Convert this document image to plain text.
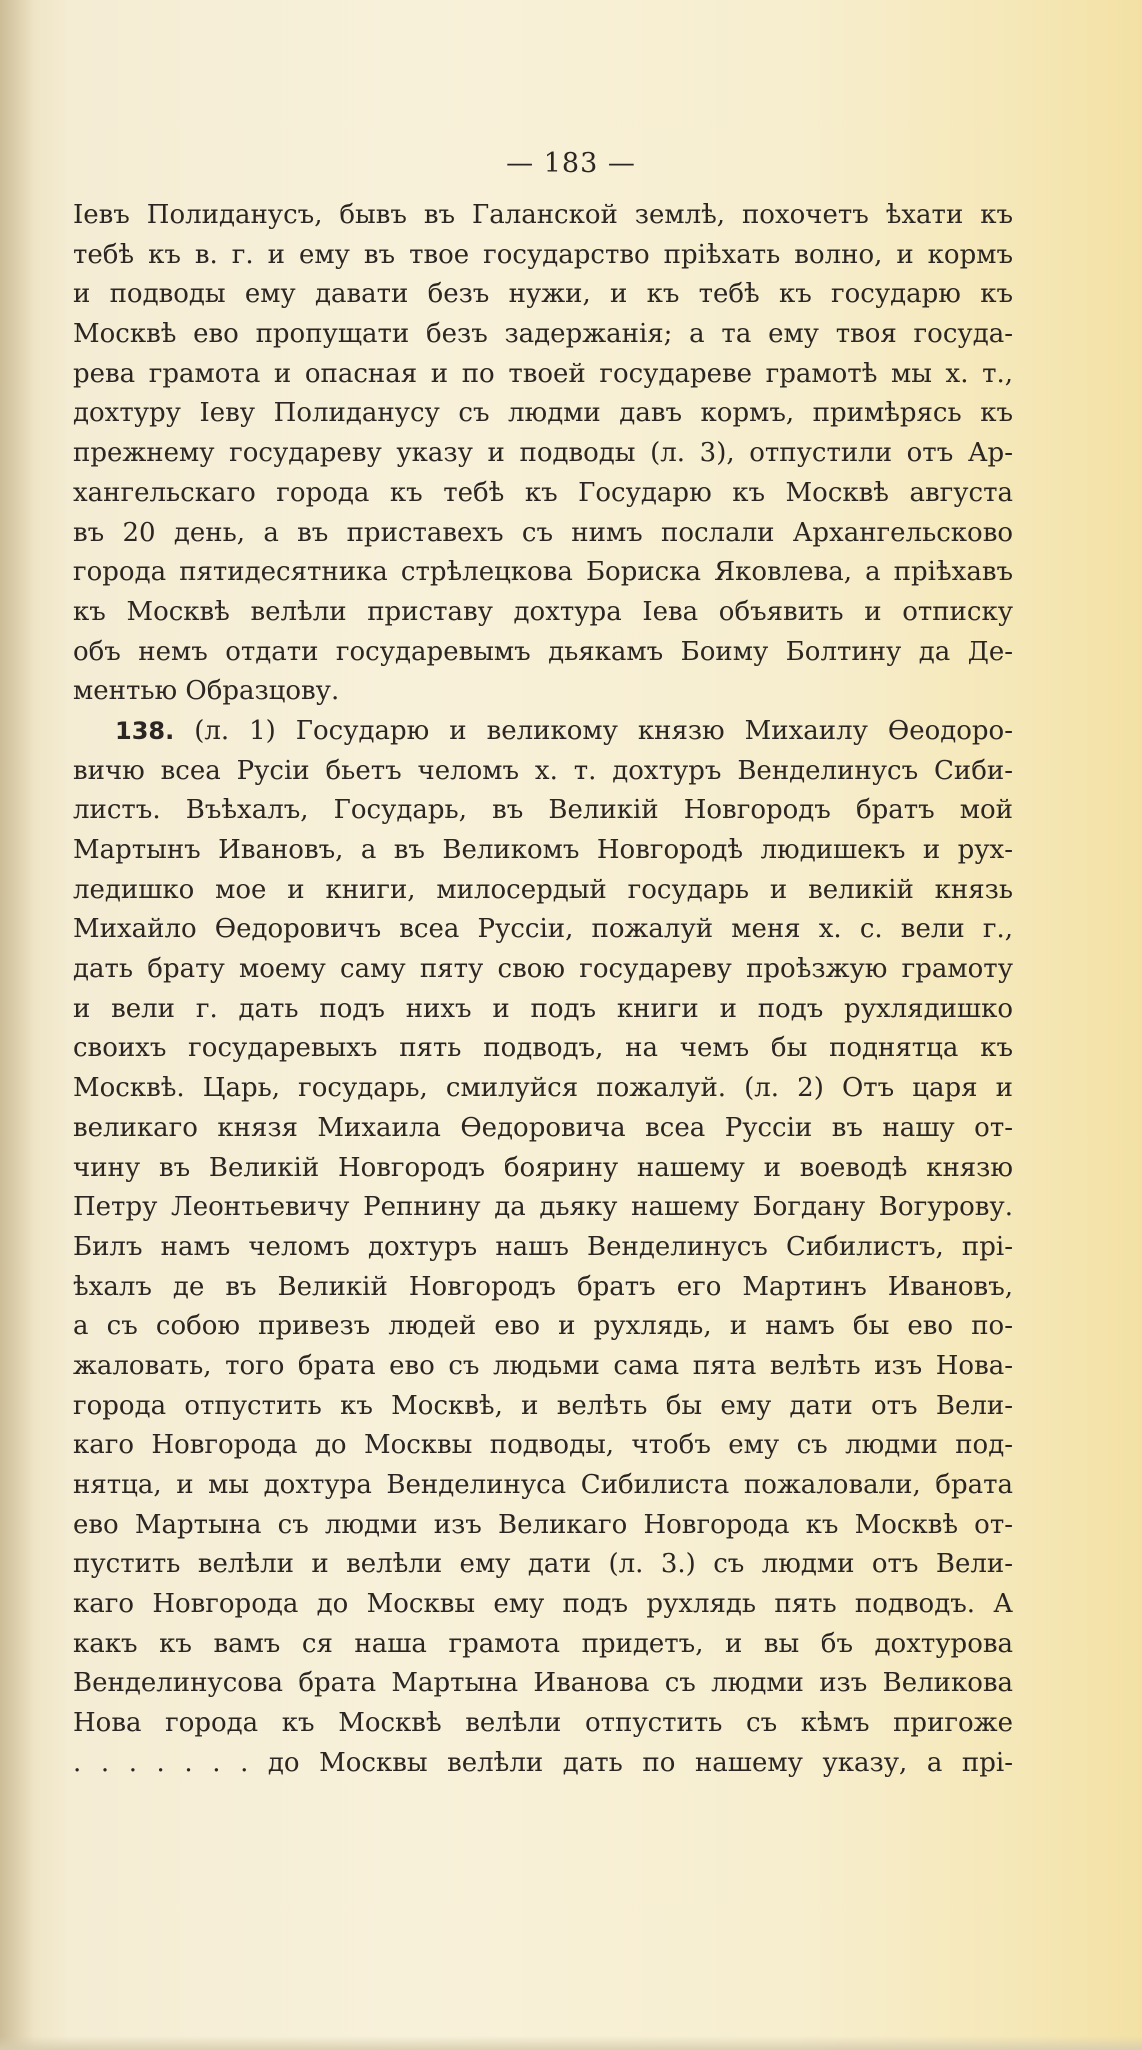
— 183 —
Іевъ Полиданусъ, бывъ въ Галанской землѣ, похочетъ ѣхати къ
тебѣ къ в. г. и ему въ твое государство пріѣхать волно, и кормъ
и подводы ему давати безъ нужи, и къ тебѣ къ государю къ
Москвѣ ево пропущати безъ задержанія; а та ему твоя госуда-
рева грамота и опасная и по твоей государеве грамотѣ мы х. т.,
дохтуру Іеву Полиданусу съ людми давъ кормъ, примѣрясь къ
прежнему государеву указу и подводы (л. 3), отпустили отъ Ар-
хангельскаго города къ тебѣ къ Государю къ Москвѣ августа
въ 20 день, а въ приставехъ съ нимъ послали Архангельсково
города пятидесятника стрѣлецкова Бориска Яковлева, а пріѣхавъ
къ Москвѣ велѣли приставу дохтура Іева объявить и отписку
объ немъ отдати государевымъ дьякамъ Боиму Болтину да Де-
ментью Образцову.
138. (л. 1) Государю и великому князю Михаилу Ѳеодоро-
вичю всеа Русіи бьетъ челомъ х. т. дохтуръ Венделинусъ Сиби-
листъ. Въѣхалъ, Государь, въ Великій Новгородъ братъ мой
Мартынъ Ивановъ, а въ Великомъ Новгородѣ людишекъ и рух-
ледишко мое и книги, милосердый государь и великій князь
Михайло Ѳедоровичъ всеа Руссіи, пожалуй меня х. с. вели г.,
дать брату моему саму пяту свою государеву проѣзжую грамоту
и вели г. дать подъ нихъ и подъ книги и подъ рухлядишко
своихъ государевыхъ пять подводъ, на чемъ бы поднятца къ
Москвѣ. Царь, государь, смилуйся пожалуй. (л. 2) Отъ царя и
великаго князя Михаила Ѳедоровича всеа Руссіи въ нашу от-
чину въ Великій Новгородъ боярину нашему и воеводѣ князю
Петру Леонтьевичу Репнину да дьяку нашему Богдану Вогурову.
Билъ намъ челомъ дохтуръ нашъ Венделинусъ Сибилистъ, прі-
ѣхалъ де въ Великій Новгородъ братъ его Мартинъ Ивановъ,
а съ собою привезъ людей ево и рухлядь, и намъ бы ево по-
жаловать, того брата ево съ людьми сама пята велѣть изъ Нова-
города отпустить къ Москвѣ, и велѣть бы ему дати отъ Вели-
каго Новгорода до Москвы подводы, чтобъ ему съ людми под-
нятца, и мы дохтура Венделинуса Сибилиста пожаловали, брата
ево Мартына съ людми изъ Великаго Новгорода къ Москвѣ от-
пустить велѣли и велѣли ему дати (л. 3.) съ людми отъ Вели-
каго Новгорода до Москвы ему подъ рухлядь пять подводъ. А
какъ къ вамъ ся наша грамота придетъ, и вы бъ дохтурова
Венделинусова брата Мартына Иванова съ людми изъ Великова
Нова города къ Москвѣ велѣли отпустить съ кѣмъ пригоже
. . . . . . . до Москвы велѣли дать по нашему указу, а прі-
